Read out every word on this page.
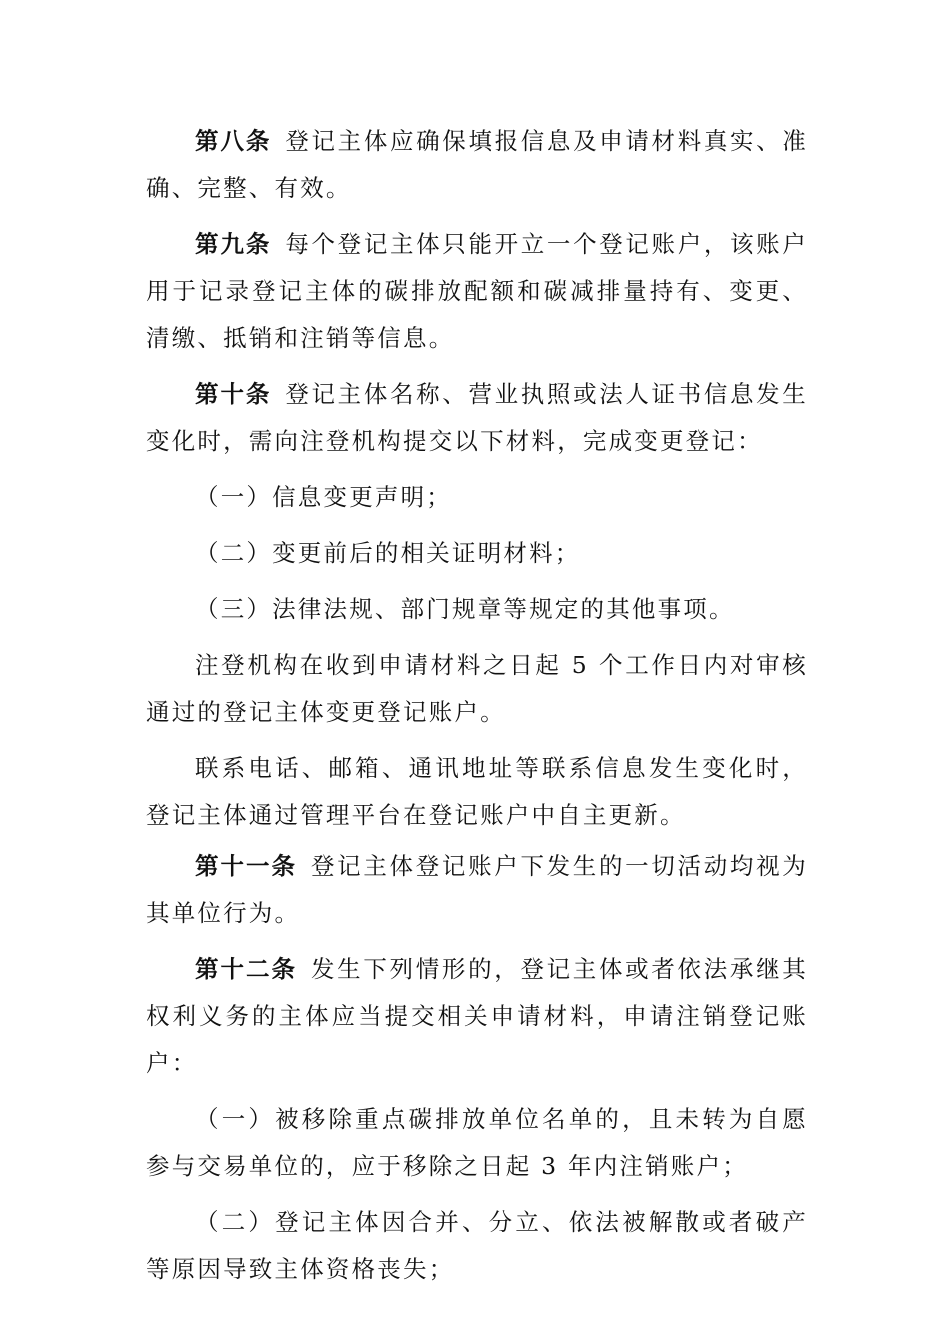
第八条 登记主体应确保填报信息及申请材料真实、准确、完整、有效。

第九条 每个登记主体只能开立一个登记账户，该账户用于记录登记主体的碳排放配额和碳减排量持有、变更、清缴、抵销和注销等信息。

第十条 登记主体名称、营业执照或法人证书信息发生变化时，需向注登机构提交以下材料，完成变更登记：

（一）信息变更声明；

（二）变更前后的相关证明材料；

（三）法律法规、部门规章等规定的其他事项。

注登机构在收到申请材料之日起 5 个工作日内对审核通过的登记主体变更登记账户。

联系电话、邮箱、通讯地址等联系信息发生变化时，登记主体通过管理平台在登记账户中自主更新。

第十一条 登记主体登记账户下发生的一切活动均视为其单位行为。

第十二条 发生下列情形的，登记主体或者依法承继其权利义务的主体应当提交相关申请材料，申请注销登记账户：

（一）被移除重点碳排放单位名单的，且未转为自愿参与交易单位的，应于移除之日起 3 年内注销账户；

（二）登记主体因合并、分立、依法被解散或者破产等原因导致主体资格丧失；
